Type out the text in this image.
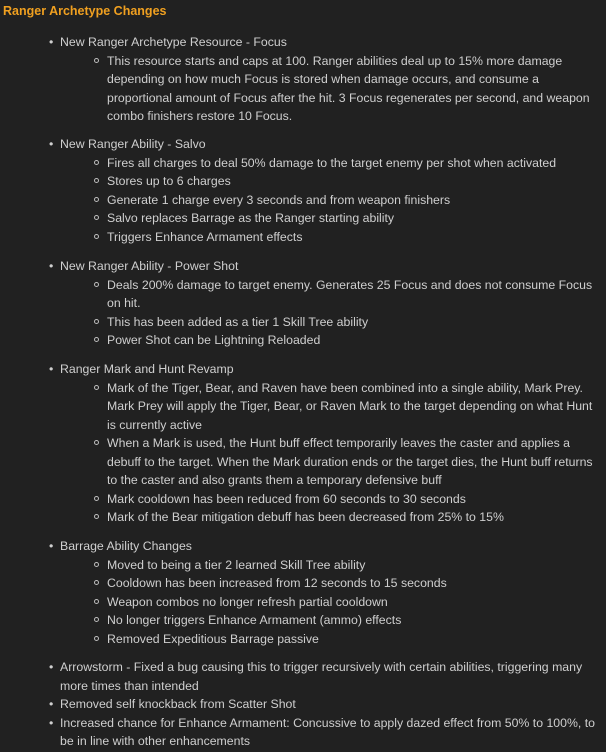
Ranger Archetype Changes
• New Ranger Archetype Resource - Focus
This resource starts and caps at 100. Ranger abilities deal up to 15% more damage depending on how much Focus is stored when damage occurs, and consume a proportional amount of Focus after the hit. 3 Focus regenerates per second, and weapon combo finishers restore 10 Focus.
• New Ranger Ability - Salvo
Fires all charges to deal 50% damage to the target enemy per shot when activated
Stores up to 6 charges
Generate 1 charge every 3 seconds and from weapon finishers
Salvo replaces Barrage as the Ranger starting ability
Triggers Enhance Armament effects
• New Ranger Ability - Power Shot
Deals 200% damage to target enemy. Generates 25 Focus and does not consume Focus on hit.
This has been added as a tier 1 Skill Tree ability
Power Shot can be Lightning Reloaded
• Ranger Mark and Hunt Revamp
Mark of the Tiger, Bear, and Raven have been combined into a single ability, Mark Prey. Mark Prey will apply the Tiger, Bear, or Raven Mark to the target depending on what Hunt is currently active
When a Mark is used, the Hunt buff effect temporarily leaves the caster and applies a debuff to the target. When the Mark duration ends or the target dies, the Hunt buff returns to the caster and also grants them a temporary defensive buff
Mark cooldown has been reduced from 60 seconds to 30 seconds
Mark of the Bear mitigation debuff has been decreased from 25% to 15%
• Barrage Ability Changes
Moved to being a tier 2 learned Skill Tree ability
Cooldown has been increased from 12 seconds to 15 seconds
Weapon combos no longer refresh partial cooldown
No longer triggers Enhance Armament (ammo) effects
Removed Expeditious Barrage passive
• Arrowstorm - Fixed a bug causing this to trigger recursively with certain abilities, triggering many more times than intended
• Removed self knockback from Scatter Shot
• Increased chance for Enhance Armament: Concussive to apply dazed effect from 50% to 100%, to be in line with other enhancements
